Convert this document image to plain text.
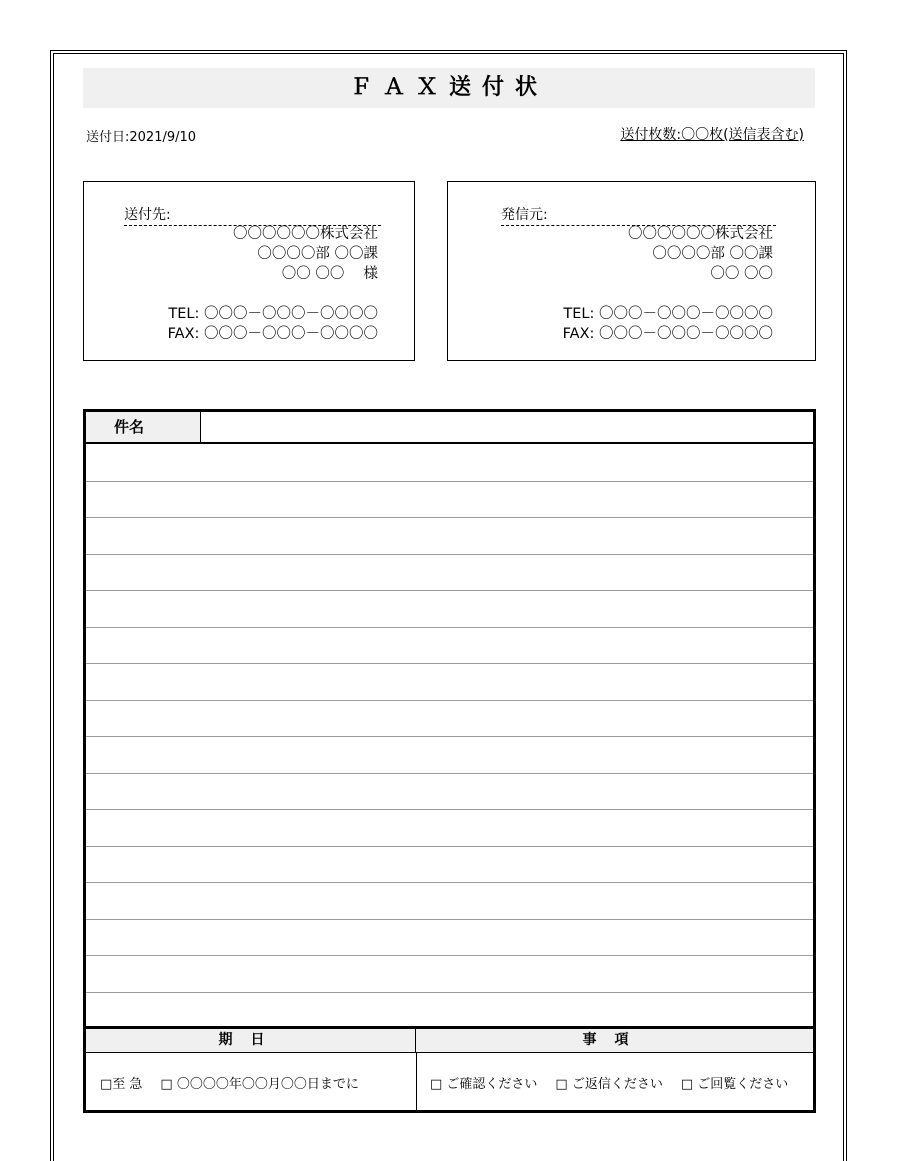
ＦＡＸ送付状
送付日:2021/9/10	送付枚数:〇〇枚(送信表含む)
送付先:
〇〇〇〇〇〇株式会社
〇〇〇〇部 〇〇課
〇〇 〇〇　 様
TEL: 〇〇〇－〇〇〇－〇〇〇〇
FAX: 〇〇〇－〇〇〇－〇〇〇〇
発信元:
〇〇〇〇〇〇株式会社
〇〇〇〇部 〇〇課
〇〇 〇〇
TEL: 〇〇〇－〇〇〇－〇〇〇〇
FAX: 〇〇〇－〇〇〇－〇〇〇〇
件名
期日	事項
□至 急 □ 〇〇〇〇年〇〇月〇〇日までに	□ ご確認ください □ ご返信ください □ ご回覧ください
